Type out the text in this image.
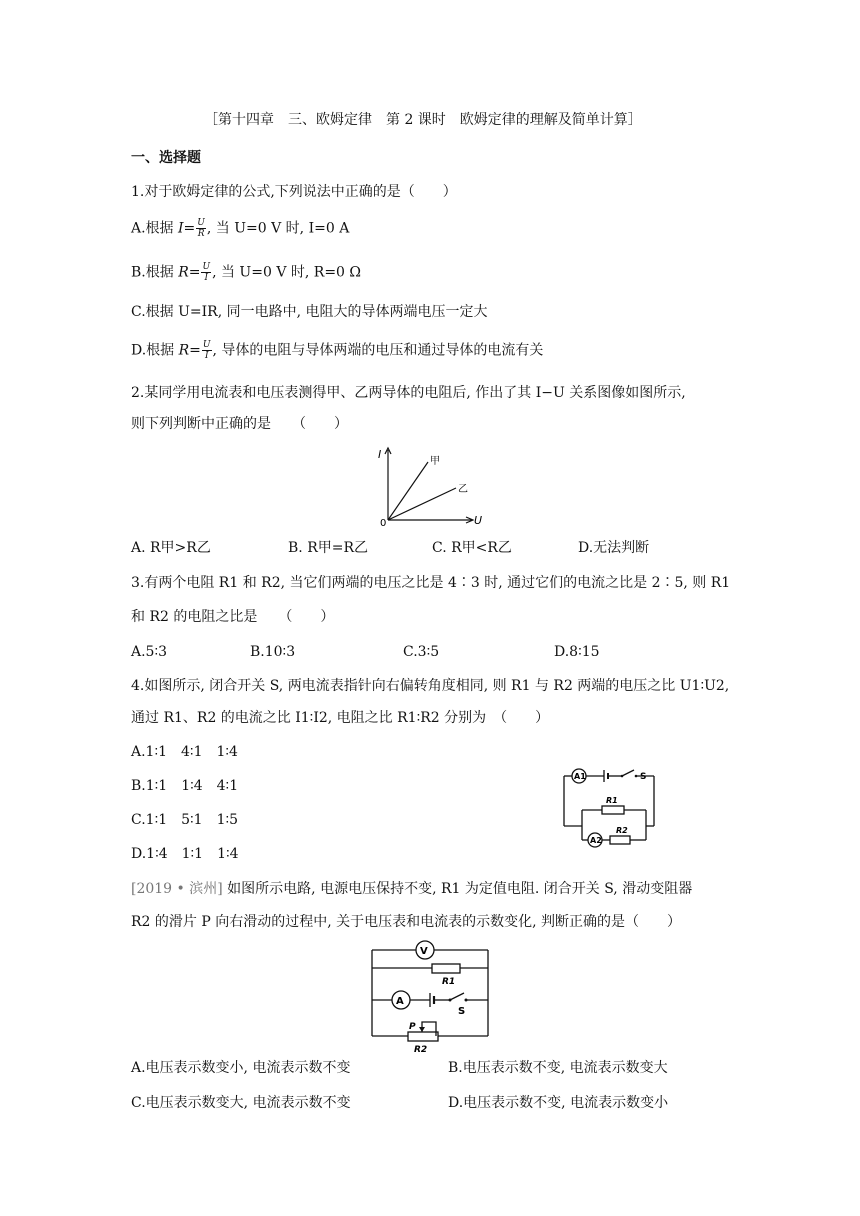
［第十四章　三、欧姆定律　第 2 课时　欧姆定律的理解及简单计算］
一、选择题
1.对于欧姆定律的公式,下列说法中正确的是（　　）
A.根据 $I= \frac{U}{R}$ , 当 U=0 V 时, I=0 A
B.根据 $R= \frac{U}{I}$ , 当 U=0 V 时, R=0 Ω
C.根据 U=IR, 同一电路中, 电阻大的导体两端电压一定大
D.根据 $R= \frac{U}{I}$ , 导体的电阻与导体两端的电压和通过导体的电流有关
2.某同学用电流表和电压表测得甲、乙两导体的电阻后, 作出了其 I−U 关系图像如图所示,
则下列判断中正确的是　　（　　）
I
U
0
甲
乙
A. R甲>R乙	B. R甲=R乙	C. R甲<R乙	D.无法判断
3.有两个电阻 R1 和 R2, 当它们两端的电压之比是 4∶3 时, 通过它们的电流之比是 2∶5, 则 R1
和 R2 的电阻之比是　　（　　）
A.5∶3	B.10∶3	C.3∶5	D.8∶15
4.如图所示, 闭合开关 S, 两电流表指针向右偏转角度相同, 则 R1 与 R2 两端的电压之比 U1∶U2,
通过 R1、R2 的电流之比 I1∶I2, 电阻之比 R1∶R2 分别为　（　　）
A.1∶1　4∶1　1∶4
B.1∶1　1∶4　4∶1
C.1∶1　5∶1　1∶5
D.1∶4　1∶1　1∶4
A1	S
R1
A2
R2
[2019 • 滨州] 如图所示电路, 电源电压保持不变, R1 为定值电阻. 闭合开关 S, 滑动变阻器
R2 的滑片 P 向右滑动的过程中, 关于电压表和电流表的示数变化, 判断正确的是（　　）
V
R1
A
S
P
R2
A.电压表示数变小, 电流表示数不变	B.电压表示数不变, 电流表示数变大
C.电压表示数变大, 电流表示数不变	D.电压表示数不变, 电流表示数变小
